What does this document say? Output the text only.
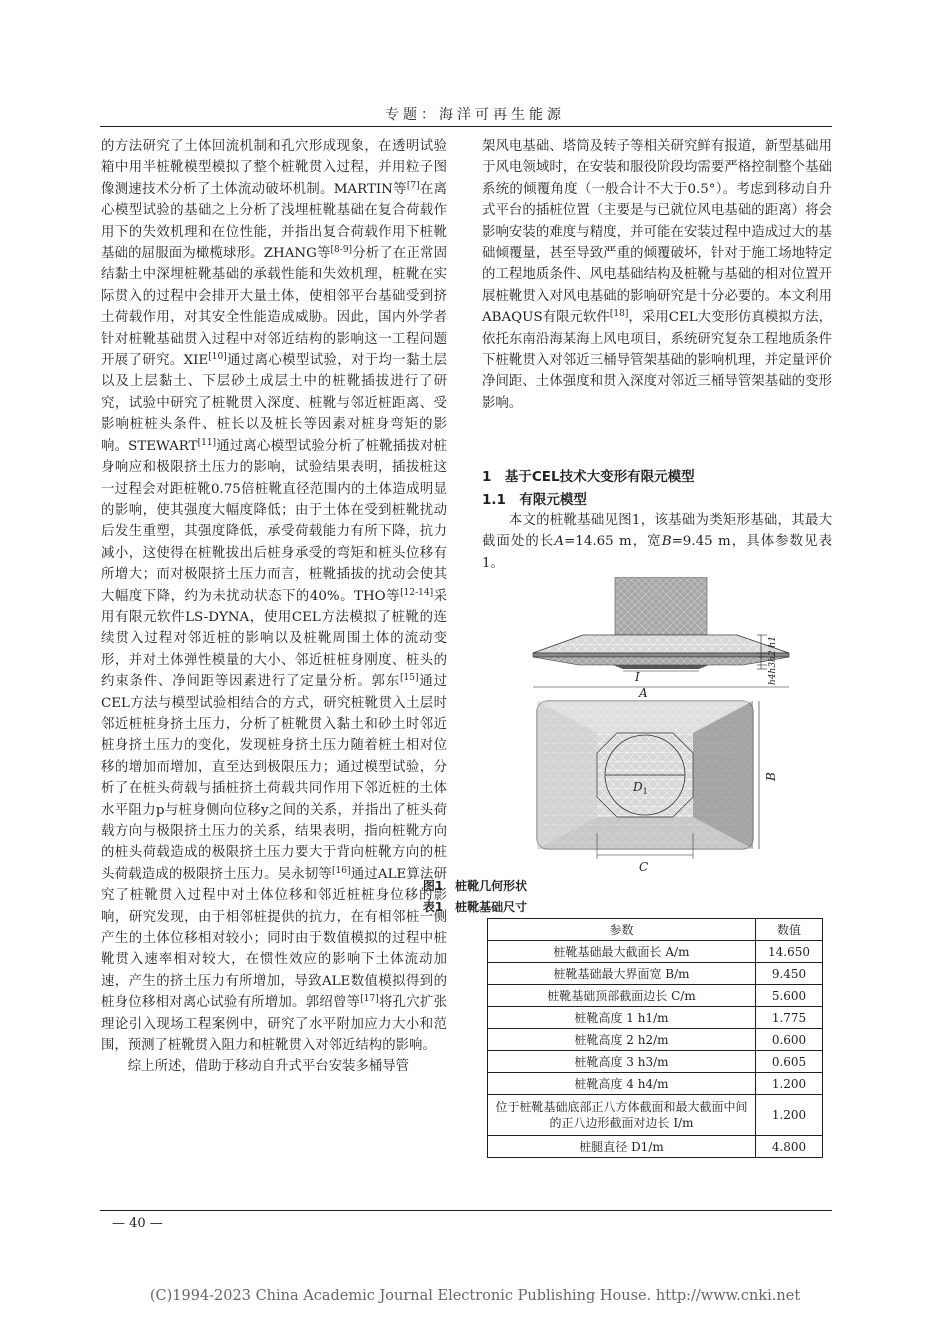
专题：海洋可再生能源

的方法研究了土体回流机制和孔穴形成现象，在透明试验箱中用半桩靴模型模拟了整个桩靴贯入过程，并用粒子图像测速技术分析了土体流动破坏机制。MARTIN等[7]在离心模型试验的基础之上分析了浅埋桩靴基础在复合荷载作用下的失效机理和在位性能，并指出复合荷载作用下桩靴基础的屈服面为橄榄球形。ZHANG等[8-9]分析了在正常固结黏土中深埋桩靴基础的承载性能和失效机理，桩靴在实际贯入的过程中会排开大量土体，使相邻平台基础受到挤土荷载作用，对其安全性能造成威胁。因此，国内外学者针对桩靴基础贯入过程中对邻近结构的影响这一工程问题开展了研究。XIE[10]通过离心模型试验，对于均一黏土层以及上层黏土、下层砂土成层土中的桩靴插拔进行了研究，试验中研究了桩靴贯入深度、桩靴与邻近桩距离、受影响桩桩头条件、桩长以及桩长等因素对桩身弯矩的影响。STEWART[11]通过离心模型试验分析了桩靴插拔对桩身响应和极限挤土压力的影响，试验结果表明，插拔桩这一过程会对距桩靴0.75倍桩靴直径范围内的土体造成明显的影响，使其强度大幅度降低；由于土体在受到桩靴扰动后发生重塑，其强度降低，承受荷载能力有所下降，抗力减小，这使得在桩靴拔出后桩身承受的弯矩和桩头位移有所增大；而对极限挤土压力而言，桩靴插拔的扰动会使其大幅度下降，约为未扰动状态下的40%。THO等[12-14]采用有限元软件LS-DYNA，使用CEL方法模拟了桩靴的连续贯入过程对邻近桩的影响以及桩靴周围土体的流动变形，并对土体弹性模量的大小、邻近桩桩身刚度、桩头的约束条件、净间距等因素进行了定量分析。郭东[15]通过CEL方法与模型试验相结合的方式，研究桩靴贯入土层时邻近桩桩身挤土压力，分析了桩靴贯入黏土和砂土时邻近桩身挤土压力的变化，发现桩身挤土压力随着桩土相对位移的增加而增加，直至达到极限压力；通过模型试验，分析了在桩头荷载与插桩挤土荷载共同作用下邻近桩的土体水平阻力p与桩身侧向位移y之间的关系，并指出了桩头荷载方向与极限挤土压力的关系，结果表明，指向桩靴方向的桩头荷载造成的极限挤土压力要大于背向桩靴方向的桩头荷载造成的极限挤土压力。吴永韧等[16]通过ALE算法研究了桩靴贯入过程中对土体位移和邻近桩桩身位移的影响，研究发现，由于相邻桩提供的抗力，在有相邻桩一侧产生的土体位移相对较小；同时由于数值模拟的过程中桩靴贯入速率相对较大，在惯性效应的影响下土体流动加速，产生的挤土压力有所增加，导致ALE数值模拟得到的桩身位移相对离心试验有所增加。郭绍曾等[17]将孔穴扩张理论引入现场工程案例中，研究了水平附加应力大小和范围，预测了桩靴贯入阻力和桩靴贯入对邻近结构的影响。

综上所述，借助于移动自升式平台安装多桶导管

架风电基础、塔筒及转子等相关研究鲜有报道，新型基础用于风电领域时，在安装和服役阶段均需要严格控制整个基础系统的倾覆角度（一般合计不大于0.5°）。考虑到移动自升式平台的插桩位置（主要是与已就位风电基础的距离）将会影响安装的难度与精度，并可能在安装过程中造成过大的基础倾覆量，甚至导致严重的倾覆破坏，针对于施工场地特定的工程地质条件、风电基础结构及桩靴与基础的相对位置开展桩靴贯入对风电基础的影响研究是十分必要的。本文利用ABAQUS有限元软件[18]，采用CEL大变形仿真模拟方法，依托东南沿海某海上风电项目，系统研究复杂工程地质条件下桩靴贯入对邻近三桶导管架基础的影响机理，并定量评价净间距、土体强度和贯入深度对邻近三桶导管架基础的变形影响。

1　基于CEL技术大变形有限元模型
1.1　有限元模型

本文的桩靴基础见图1，该基础为类矩形基础，其最大截面处的长A=14.65 m，宽B=9.45 m，具体参数见表1。

h4h3h2 h1
I
A
$D_1$
B
C
图1　桩靴几何形状
表1　桩靴基础尺寸
参数	数值
桩靴基础最大截面长 A/m	14.650
桩靴基础最大界面宽 B/m	9.450
桩靴基础顶部截面边长 C/m	5.600
桩靴高度 1 h1/m	1.775
桩靴高度 2 h2/m	0.600
桩靴高度 3 h3/m	0.605
桩靴高度 4 h4/m	1.200
位于桩靴基础底部正八方体截面和最大截面中间的正八边形截面对边长 I/m	1.200
桩腿直径 D1/m	4.800
— 40 —
(C)1994-2023 China Academic Journal Electronic Publishing House. http://www.cnki.net
